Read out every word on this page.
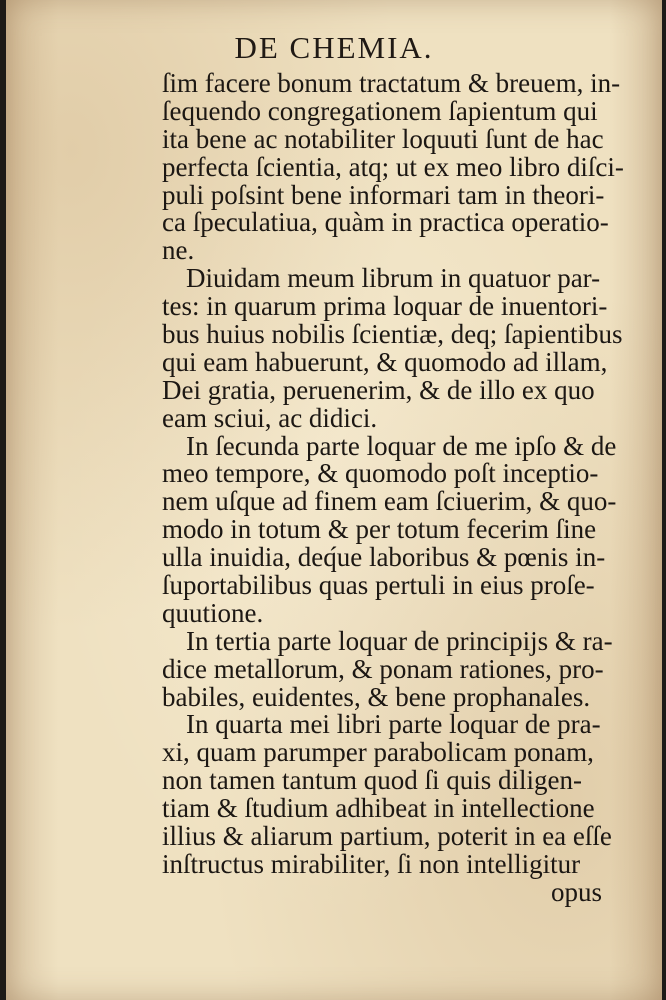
DE CHEMIA.
ſim facere bonum tractatum & breuem, in-
ſequendo congregationem ſapientum qui
ita bene ac notabiliter loquuti ſunt de hac
perfecta ſcientia, atq; ut ex meo libro diſci-
puli poſsint bene informari tam in theori-
ca ſpeculatiua, quàm in practica operatio-
ne.
Diuidam meum librum in quatuor par-
tes: in quarum prima loquar de inuentori-
bus huius nobilis ſcientiæ, deq; ſapientibus
qui eam habuerunt, & quomodo ad illam,
Dei gratia, peruenerim, & de illo ex quo
eam sciui, ac didici.
In ſecunda parte loquar de me ipſo & de
meo tempore, & quomodo poſt inceptio-
nem uſque ad finem eam ſciuerim, & quo-
modo in totum & per totum fecerim ſine
ulla inuidia, deq́ue laboribus & pœnis in-
ſuportabilibus quas pertuli in eius proſe-
quutione.
In tertia parte loquar de principijs & ra-
dice metallorum, & ponam rationes, pro-
babiles, euidentes, & bene prophanales.
In quarta mei libri parte loquar de pra-
xi, quam parumper parabolicam ponam,
non tamen tantum quod ſi quis diligen-
tiam & ſtudium adhibeat in intellectione
illius & aliarum partium, poterit in ea eſſe
inſtructus mirabiliter, ſi non intelligitur
opus
